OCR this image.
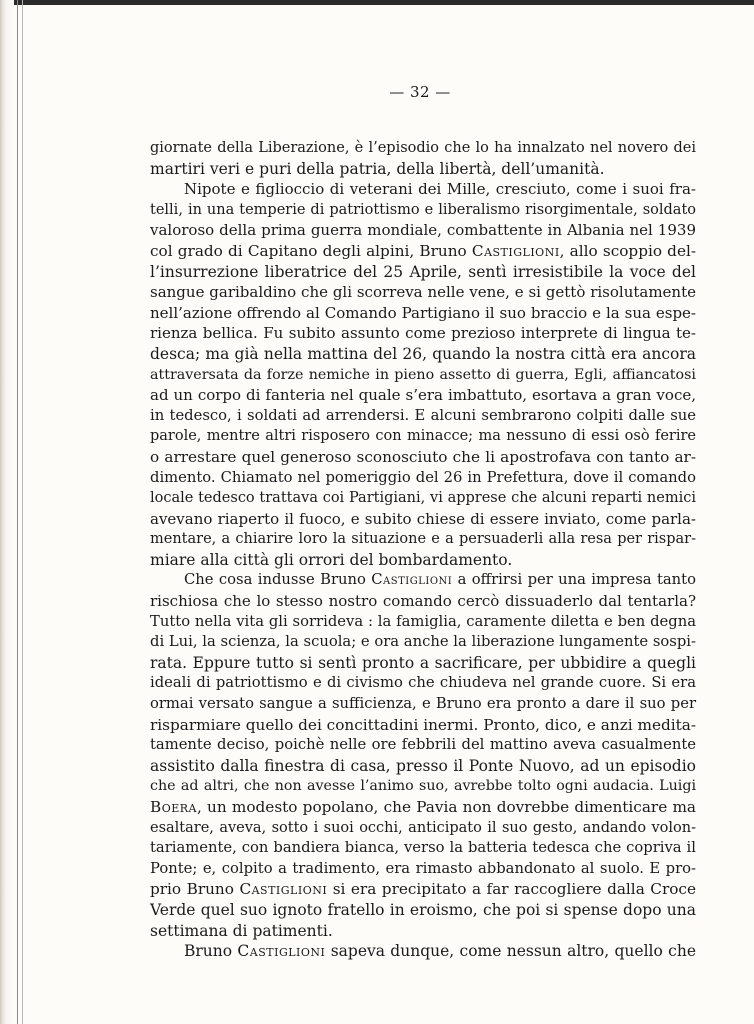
— 32 —
giornate della Liberazione, è l’episodio che lo ha innalzato nel novero dei
martiri veri e puri della patria, della libertà, dell’umanità.
Nipote e figlioccio di veterani dei Mille, cresciuto, come i suoi fra-
telli, in una temperie di patriottismo e liberalismo risorgimentale, soldato
valoroso della prima guerra mondiale, combattente in Albania nel 1939
col grado di Capitano degli alpini, Bruno Castiglioni, allo scoppio del-
l’insurrezione liberatrice del 25 Aprile, sentì irresistibile la voce del
sangue garibaldino che gli scorreva nelle vene, e si gettò risolutamente
nell’azione offrendo al Comando Partigiano il suo braccio e la sua espe-
rienza bellica. Fu subito assunto come prezioso interprete di lingua te-
desca; ma già nella mattina del 26, quando la nostra città era ancora
attraversata da forze nemiche in pieno assetto di guerra, Egli, affiancatosi
ad un corpo di fanteria nel quale s’era imbattuto, esortava a gran voce,
in tedesco, i soldati ad arrendersi. E alcuni sembrarono colpiti dalle sue
parole, mentre altri risposero con minacce; ma nessuno di essi osò ferire
o arrestare quel generoso sconosciuto che li apostrofava con tanto ar-
dimento. Chiamato nel pomeriggio del 26 in Prefettura, dove il comando
locale tedesco trattava coi Partigiani, vi apprese che alcuni reparti nemici
avevano riaperto il fuoco, e subito chiese di essere inviato, come parla-
mentare, a chiarire loro la situazione e a persuaderli alla resa per rispar-
miare alla città gli orrori del bombardamento.
Che cosa indusse Bruno Castiglioni a offrirsi per una impresa tanto
rischiosa che lo stesso nostro comando cercò dissuaderlo dal tentarla?
Tutto nella vita gli sorrideva : la famiglia, caramente diletta e ben degna
di Lui, la scienza, la scuola; e ora anche la liberazione lungamente sospi-
rata. Eppure tutto si sentì pronto a sacrificare, per ubbidire a quegli
ideali di patriottismo e di civismo che chiudeva nel grande cuore. Si era
ormai versato sangue a sufficienza, e Bruno era pronto a dare il suo per
risparmiare quello dei concittadini inermi. Pronto, dico, e anzi medita-
tamente deciso, poichè nelle ore febbrili del mattino aveva casualmente
assistito dalla finestra di casa, presso il Ponte Nuovo, ad un episodio
che ad altri, che non avesse l’animo suo, avrebbe tolto ogni audacia. Luigi
Boera, un modesto popolano, che Pavia non dovrebbe dimenticare ma
esaltare, aveva, sotto i suoi occhi, anticipato il suo gesto, andando volon-
tariamente, con bandiera bianca, verso la batteria tedesca che copriva il
Ponte; e, colpito a tradimento, era rimasto abbandonato al suolo. E pro-
prio Bruno Castiglioni si era precipitato a far raccogliere dalla Croce
Verde quel suo ignoto fratello in eroismo, che poi si spense dopo una
settimana di patimenti.
Bruno Castiglioni sapeva dunque, come nessun altro, quello che
